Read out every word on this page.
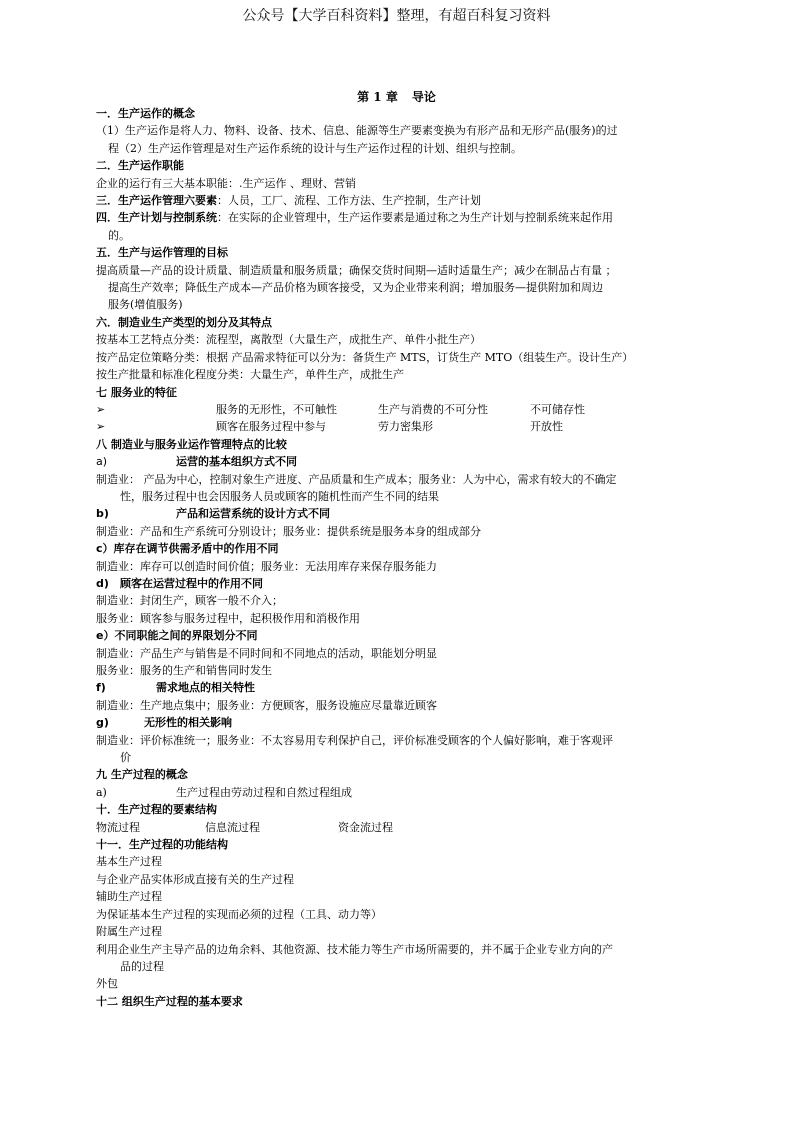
公众号【大学百科资料】整理，有超百科复习资料
第 1 章 导论
一．生产运作的概念
（1）生产运作是将人力、物料、设备、技术、信息、能源等生产要素变换为有形产品和无形产品(服务)的过
程（2）生产运作管理是对生产运作系统的设计与生产运作过程的计划、组织与控制。
二．生产运作职能
企业的运行有三大基本职能：.生产运作 、理财、营销
三．生产运作管理六要素：人员，工厂、流程、工作方法、生产控制，生产计划
四．生产计划与控制系统：在实际的企业管理中，生产运作要素是通过称之为生产计划与控制系统来起作用
的。
五．生产与运作管理的目标
提高质量—产品的设计质量、制造质量和服务质量；确保交货时间期—适时适量生产；减少在制品占有量 ；
提高生产效率；降低生产成本—产品价格为顾客接受，又为企业带来利润；增加服务—提供附加和周边
服务(增值服务)
六．制造业生产类型的划分及其特点
按基本工艺特点分类：流程型，离散型（大量生产，成批生产、单件小批生产）
按产品定位策略分类：根据 产品需求特征可以分为：备货生产 MTS，订货生产 MTO（组装生产。设计生产）
按生产批量和标准化程度分类：大量生产，单件生产，成批生产
七 服务业的特征
➢	服务的无形性，不可触性	生产与消费的不可分性	不可储存性
➢	顾客在服务过程中参与	劳力密集形	开放性
八 制造业与服务业运作管理特点的比较
a)	运营的基本组织方式不同
制造业： 产品为中心，控制对象生产进度、产品质量和生产成本；服务业：人为中心，需求有较大的不确定
性，服务过程中也会因服务人员或顾客的随机性而产生不同的结果
b)	产品和运营系统的设计方式不同
制造业：产品和生产系统可分别设计；服务业：提供系统是服务本身的组成部分
c）库存在调节供需矛盾中的作用不同
制造业：库存可以创造时间价值；服务业：无法用库存来保存服务能力
d)	顾客在运营过程中的作用不同
制造业：封闭生产，顾客一般不介入；
服务业：顾客参与服务过程中，起积极作用和消极作用
e）不同职能之间的界限划分不同
制造业：产品生产与销售是不同时间和不同地点的活动，职能划分明显
服务业：服务的生产和销售同时发生
f)	需求地点的相关特性
制造业：生产地点集中；服务业：方便顾客，服务设施应尽量靠近顾客
g)	无形性的相关影响
制造业：评价标准统一；服务业：不太容易用专利保护自己，评价标准受顾客的个人偏好影响，难于客观评
价
九 生产过程的概念
a)	生产过程由劳动过程和自然过程组成
十．生产过程的要素结构
物流过程	信息流过程	资金流过程
十一．生产过程的功能结构
基本生产过程
与企业产品实体形成直接有关的生产过程
辅助生产过程
为保证基本生产过程的实现而必须的过程（工具、动力等）
附属生产过程
利用企业生产主导产品的边角余料、其他资源、技术能力等生产市场所需要的，并不属于企业专业方向的产
品的过程
外包
十二 组织生产过程的基本要求
